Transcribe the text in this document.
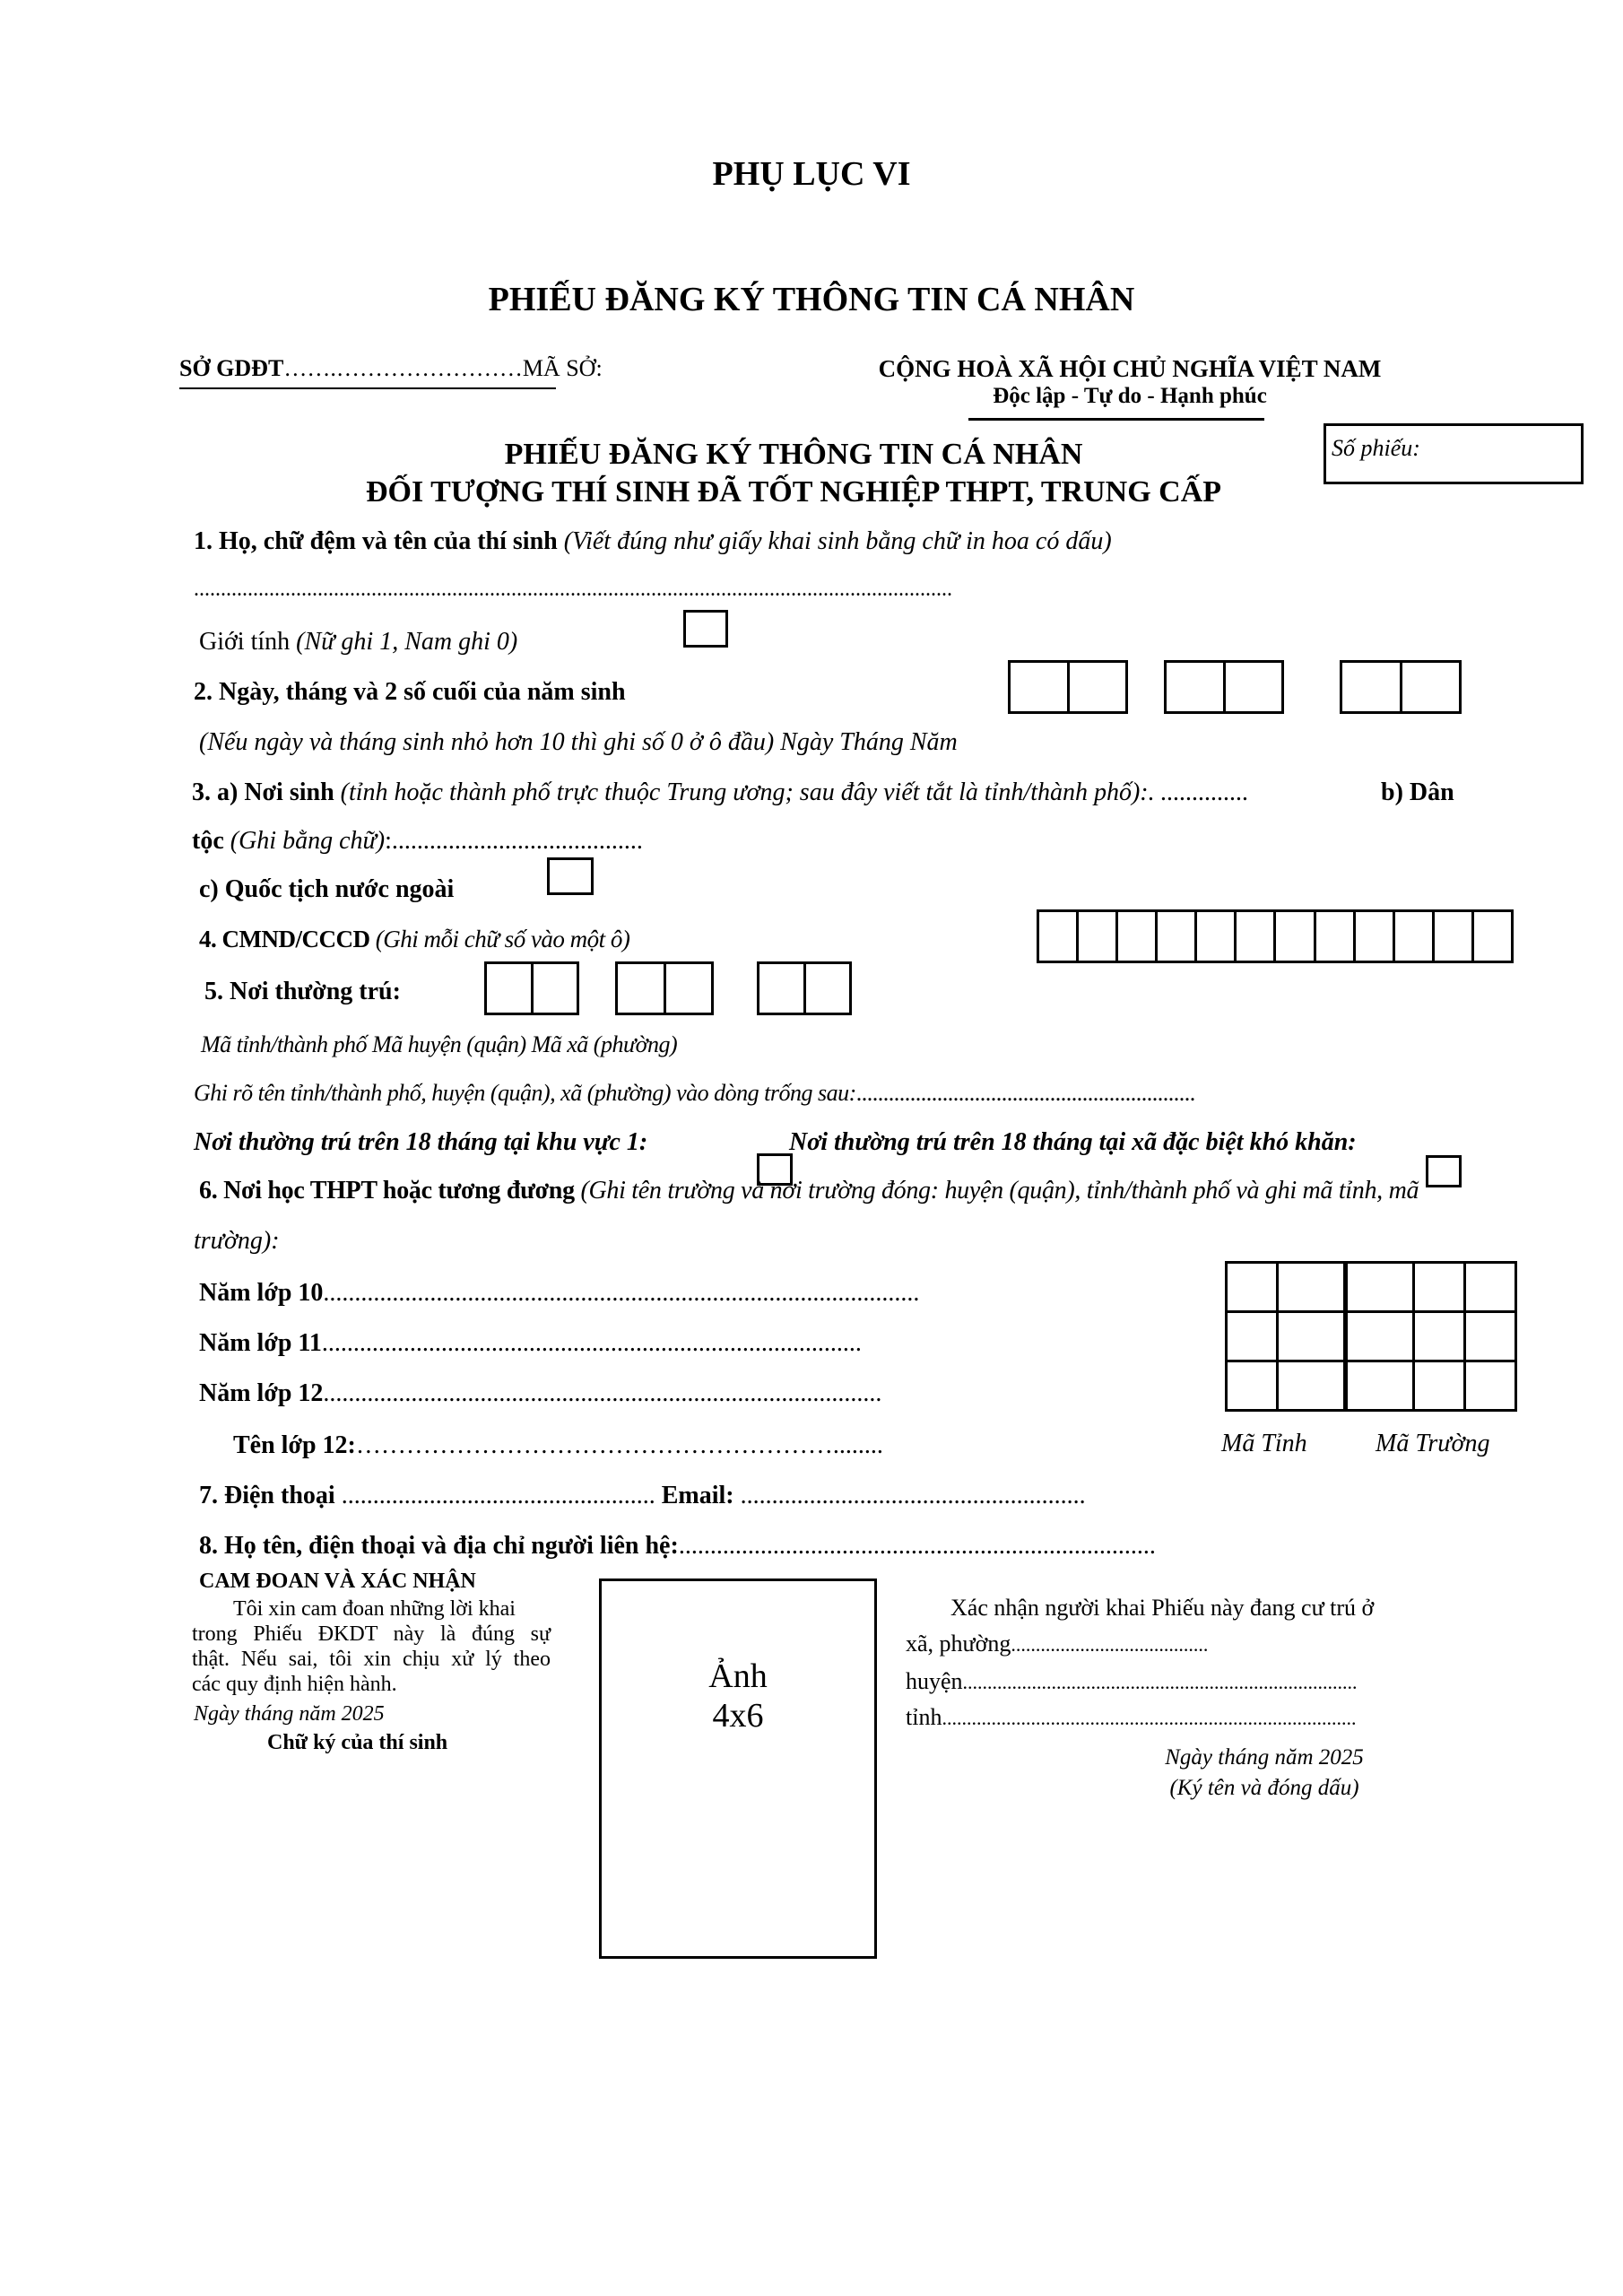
PHỤ LỤC VI
PHIẾU ĐĂNG KÝ THÔNG TIN CÁ NHÂN
SỞ GDĐT…….……………………MÃ SỞ:	CỘNG HOÀ XÃ HỘI CHỦ NGHĨA VIỆT NAM
Độc lập - Tự do - Hạnh phúc
Số phiếu:
PHIẾU ĐĂNG KÝ THÔNG TIN CÁ NHÂN
ĐỐI TƯỢNG THÍ SINH ĐÃ TỐT NGHIỆP THPT, TRUNG CẤP
1. Họ, chữ đệm và tên của thí sinh (Viết đúng như giấy khai sinh bằng chữ in hoa có dấu)
.............................................................................................................................................
Giới tính (Nữ ghi 1, Nam ghi 0)
2. Ngày, tháng và 2 số cuối của năm sinh
(Nếu ngày và tháng sinh nhỏ hơn 10 thì ghi số 0 ở ô đầu) Ngày Tháng Năm
3. a) Nơi sinh (tỉnh hoặc thành phố trực thuộc Trung ương; sau đây viết tắt là tỉnh/thành phố):. ..............	b) Dân
tộc (Ghi bằng chữ):........................................
c) Quốc tịch nước ngoài
4. CMND/CCCD (Ghi mỗi chữ số vào một ô)
5. Nơi thường trú:
Mã tỉnh/thành phố Mã huyện (quận) Mã xã (phường)
Ghi rõ tên tỉnh/thành phố, huyện (quận), xã (phường) vào dòng trống sau:...............................................................
Nơi thường trú trên 18 tháng tại khu vực 1:	Nơi thường trú trên 18 tháng tại xã đặc biệt khó khăn:
6. Nơi học THPT hoặc tương đương (Ghi tên trường và nơi trường đóng: huyện (quận), tỉnh/thành phố và ghi mã tỉnh, mã
trường):
Năm lớp 10...............................................................................................
Năm lớp 11......................................................................................
Năm lớp 12.........................................................................................
Tên lớp 12:…………………………………………………........

					Mã Tỉnh	Mã Trường
7. Điện thoại .................................................. Email: .......................................................
8. Họ tên, điện thoại và địa chỉ người liên hệ:............................................................................
CAM ĐOAN VÀ XÁC NHẬN
Tôi xin cam đoan những lời khai
trong Phiếu ĐKDT này là đúng sự
thật. Nếu sai, tôi xin chịu xử lý theo
các quy định hiện hành.
Ngày tháng năm 2025
Chữ ký của thí sinh
Ảnh
4x6
Xác nhận người khai Phiếu này đang cư trú ở
xã, phường........................................
huyện................................................................................
tỉnh....................................................................................
Ngày tháng năm 2025
(Ký tên và đóng dấu)
